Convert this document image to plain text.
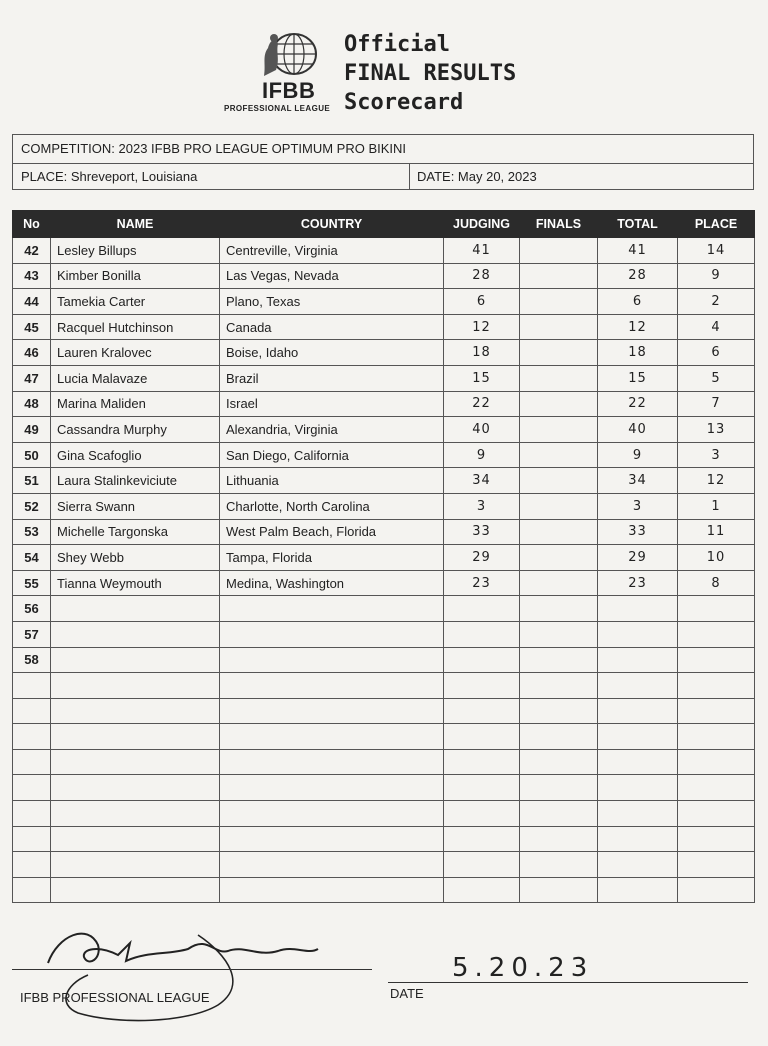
IFBB
PROFESSIONAL LEAGUE
Official
FINAL RESULTS
Scorecard
COMPETITION: 2023 IFBB PRO LEAGUE OPTIMUM PRO BIKINI
PLACE: Shreveport, Louisiana	DATE: May 20, 2023
No	NAME	COUNTRY	JUDGING	FINALS	TOTAL	PLACE
42	Lesley Billups	Centreville, Virginia	41		41	14
43	Kimber Bonilla	Las Vegas, Nevada	28		28	9
44	Tamekia Carter	Plano, Texas	6		6	2
45	Racquel Hutchinson	Canada	12		12	4
46	Lauren Kralovec	Boise, Idaho	18		18	6
47	Lucia Malavaze	Brazil	15		15	5
48	Marina Maliden	Israel	22		22	7
49	Cassandra Murphy	Alexandria, Virginia	40		40	13
50	Gina Scafoglio	San Diego, California	9		9	3
51	Laura Stalinkeviciute	Lithuania	34		34	12
52	Sierra Swann	Charlotte, North Carolina	3		3	1
53	Michelle Targonska	West Palm Beach, Florida	33		33	11
54	Shey Webb	Tampa, Florida	29		29	10
55	Tianna Weymouth	Medina, Washington	23		23	8
56						
57						
58						

IFBB PROFESSIONAL LEAGUE
5.20.23
DATE
